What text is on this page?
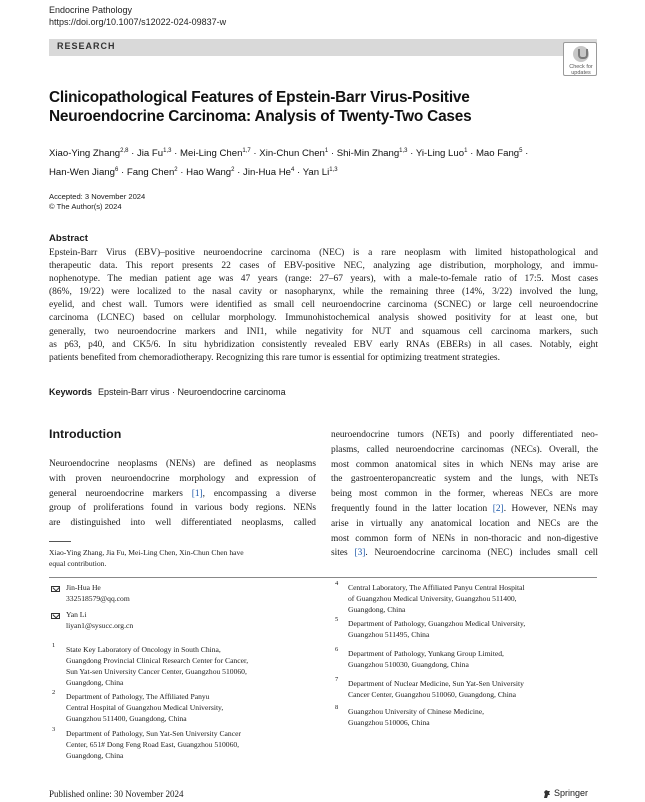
Endocrine Pathology
https://doi.org/10.1007/s12022-024-09837-w
RESEARCH
Check for
updates
Clinicopathological Features of Epstein-Barr Virus-Positive
Neuroendocrine Carcinoma: Analysis of Twenty-Two Cases
Xiao-Ying Zhang$^{2,8}$ · Jia Fu$^{1,3}$ · Mei-Ling Chen$^{1,7}$ · Xin-Chun Chen$^1$ · Shi-Min Zhang$^{1,3}$ · Yi-Ling Luo$^1$ · Mao Fang$^5$ ·
Han-Wen Jiang$^6$ · Fang Chen$^2$ · Hao Wang$^2$ · Jin-Hua He$^4$ · Yan Li$^{1,3}$
Accepted: 3 November 2024
© The Author(s) 2024
Abstract
Epstein-Barr Virus (EBV)–positive neuroendocrine carcinoma (NEC) is a rare neoplasm with limited histopathological and
therapeutic data. This report presents 22 cases of EBV-positive NEC, analyzing age distribution, morphology, and immu-
nophenotype. The median patient age was 47 years (range: 27–67 years), with a male-to-female ratio of 17:5. Most cases
(86%, 19/22) were localized to the nasal cavity or nasopharynx, while the remaining three (14%, 3/22) involved the lung,
eyelid, and chest wall. Tumors were identified as small cell neuroendocrine carcinoma (SCNEC) or large cell neuroendocrine
carcinoma (LCNEC) based on cellular morphology. Immunohistochemical analysis showed positivity for at least one, but
generally, two neuroendocrine markers and INI1, while negativity for NUT and squamous cell carcinoma markers, such
as p63, p40, and CK5/6. In situ hybridization consistently revealed EBV early RNAs (EBERs) in all cases. Notably, eight
patients benefited from chemoradiotherapy. Recognizing this rare tumor is essential for optimizing treatment strategies.
Keywords Epstein-Barr virus · Neuroendocrine carcinoma
Introduction
Neuroendocrine neoplasms (NENs) are defined as neoplasms
with proven neuroendocrine morphology and expression of
general neuroendocrine markers [1], encompassing a diverse
group of proliferations found in various body regions. NENs
are distinguished into well differentiated neoplasms, called
neuroendocrine tumors (NETs) and poorly differentiated neo-
plasms, called neuroendocrine carcinomas (NECs). Overall, the
most common anatomical sites in which NENs may arise are
the gastroenteropancreatic system and the lungs, with NETs
being most common in the former, whereas NECs are more
frequently found in the latter location [2]. However, NENs may
arise in virtually any anatomical location and NECs are the
most common form of NENs in non-thoracic and non-digestive
sites [3]. Neuroendocrine carcinoma (NEC) includes small cell
Xiao-Ying Zhang, Jia Fu, Mei-Ling Chen, Xin-Chun Chen have
equal contribution.
Jin-Hua He
332518579@qq.com
Yan Li
liyan1@sysucc.org.cn
1 State Key Laboratory of Oncology in South China,
Guangdong Provincial Clinical Research Center for Cancer,
Sun Yat-sen University Cancer Center, Guangzhou 510060,
Guangdong, China
2 Department of Pathology, The Affiliated Panyu
Central Hospital of Guangzhou Medical University,
Guangzhou 511400, Guangdong, China
3 Department of Pathology, Sun Yat-Sen University Cancer
Center, 651# Dong Feng Road East, Guangzhou 510060,
Guangdong, China
4 Central Laboratory, The Affiliated Panyu Central Hospital
of Guangzhou Medical University, Guangzhou 511400,
Guangdong, China
5 Department of Pathology, Guangzhou Medical University,
Guangzhou 511495, China
6 Department of Pathology, Yunkang Group Limited,
Guangzhou 510030, Guangdong, China
7 Department of Nuclear Medicine, Sun Yat-Sen University
Cancer Center, Guangzhou 510060, Guangdong, China
8 Guangzhou University of Chinese Medicine,
Guangzhou 510006, China
Published online: 30 November 2024	Springer
